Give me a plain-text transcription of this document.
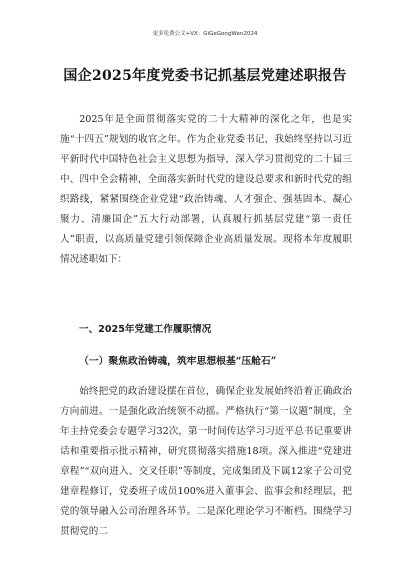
更多免费公文+VX：GiGeGongWen2024
国企2025年度党委书记抓基层党建述职报告
2025年是全面贯彻落实党的二十大精神的深化之年，也是实施“十四五”规划的收官之年。作为企业党委书记，我始终坚持以习近平新时代中国特色社会主义思想为指导，深入学习贯彻党的二十届三中、四中全会精神，全面落实新时代党的建设总要求和新时代党的组织路线，紧紧围绕企业党建“政治铸魂、人才强企、强基固本、凝心聚力、清廉国企”五大行动部署，认真履行抓基层党建“第一责任人”职责，以高质量党建引领保障企业高质量发展。现将本年度履职情况述职如下：
一、2025年党建工作履职情况
（一）聚焦政治铸魂，筑牢思想根基“压舱石”
始终把党的政治建设摆在首位，确保企业发展始终沿着正确政治方向前进。一是强化政治统领不动摇。严格执行“第一议题”制度，全年主持党委会专题学习32次，第一时间传达学习习近平总书记重要讲话和重要指示批示精神，研究贯彻落实措施18项。深入推进“党建进章程”“双向进入、交叉任职”等制度，完成集团及下属12家子公司党建章程修订，党委班子成员100%进入董事会、监事会和经理层，把党的领导融入公司治理各环节。二是深化理论学习不断档。围绕学习贯彻党的二
